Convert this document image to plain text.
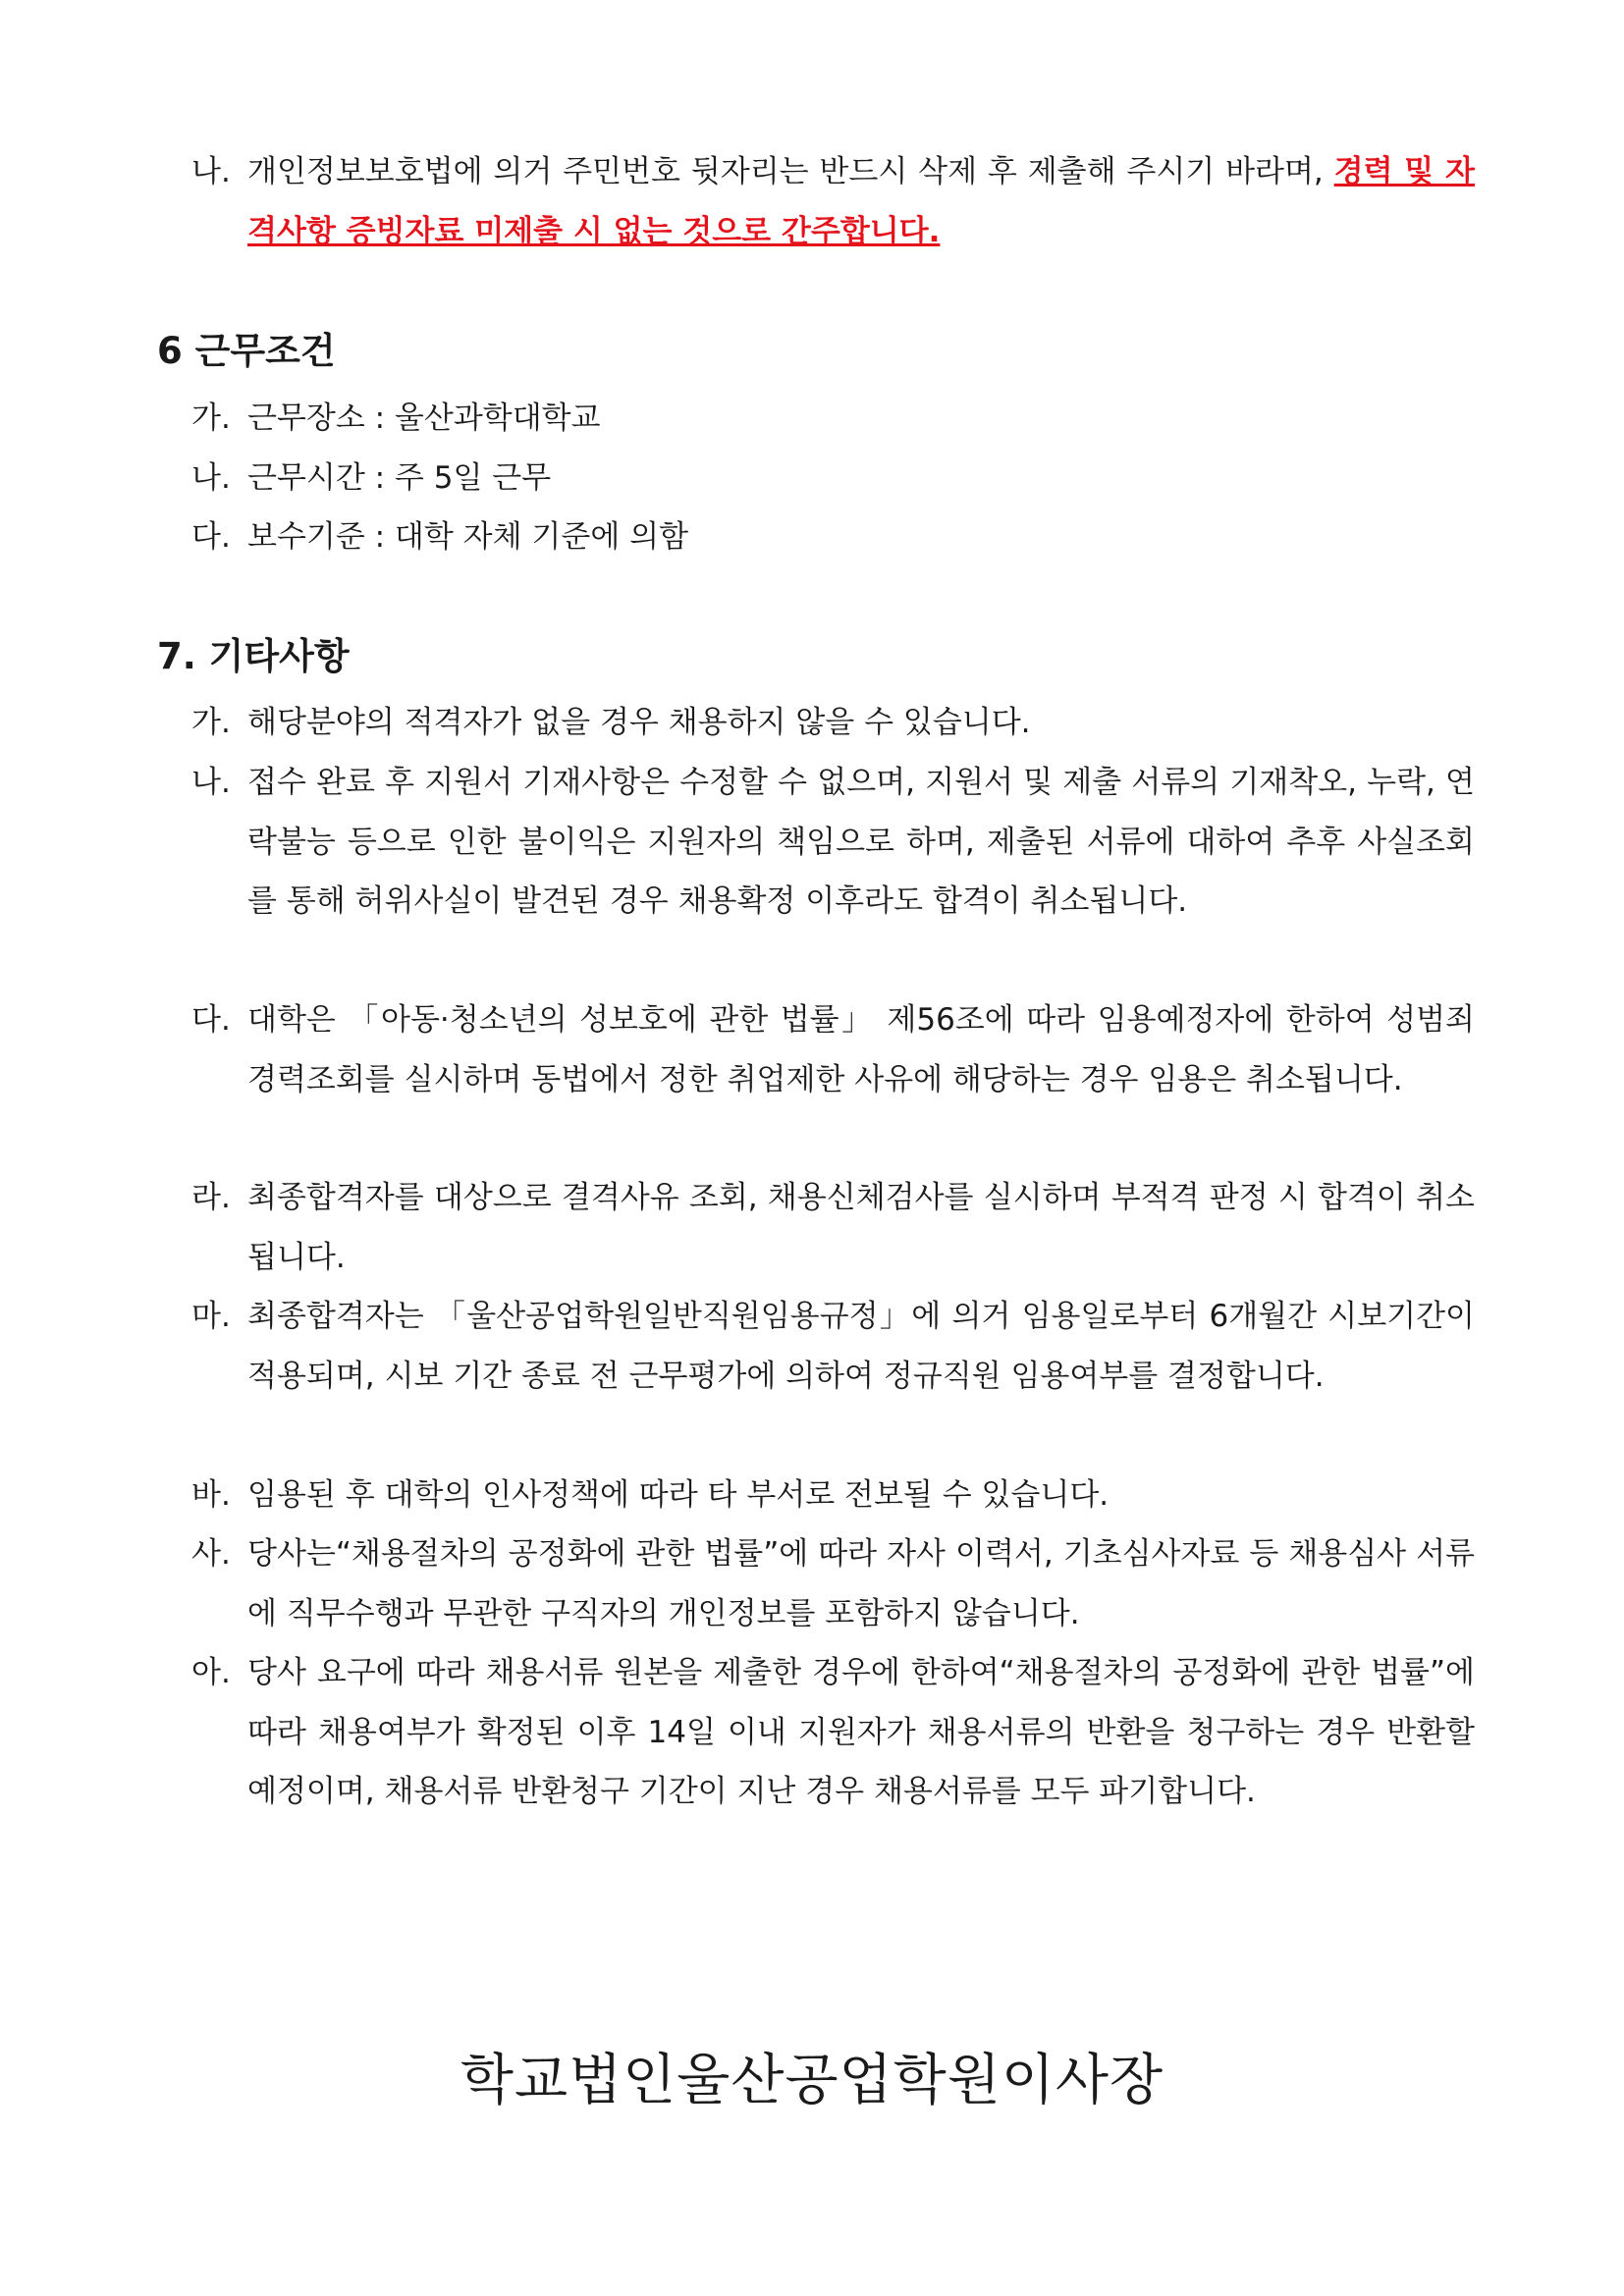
나. 개인정보보호법에 의거 주민번호 뒷자리는 반드시 삭제 후 제출해 주시기 바라며, 경력 및 자격사항 증빙자료 미제출 시 없는 것으로 간주합니다.
6 근무조건
가. 근무장소 : 울산과학대학교
나. 근무시간 : 주 5일 근무
다. 보수기준 : 대학 자체 기준에 의함
7. 기타사항
가. 해당분야의 적격자가 없을 경우 채용하지 않을 수 있습니다.
나. 접수 완료 후 지원서 기재사항은 수정할 수 없으며, 지원서 및 제출 서류의 기재착오, 누락, 연락불능 등으로 인한 불이익은 지원자의 책임으로 하며, 제출된 서류에 대하여 추후 사실조회를 통해 허위사실이 발견된 경우 채용확정 이후라도 합격이 취소됩니다.
다. 대학은 「아동·청소년의 성보호에 관한 법률」 제56조에 따라 임용예정자에 한하여 성범죄 경력조회를 실시하며 동법에서 정한 취업제한 사유에 해당하는 경우 임용은 취소됩니다.
라. 최종합격자를 대상으로 결격사유 조회, 채용신체검사를 실시하며 부적격 판정 시 합격이 취소됩니다.
마. 최종합격자는 「울산공업학원일반직원임용규정」에 의거 임용일로부터 6개월간 시보기간이 적용되며, 시보 기간 종료 전 근무평가에 의하여 정규직원 임용여부를 결정합니다.
바. 임용된 후 대학의 인사정책에 따라 타 부서로 전보될 수 있습니다.
사. 당사는“채용절차의 공정화에 관한 법률”에 따라 자사 이력서, 기초심사자료 등 채용심사 서류에 직무수행과 무관한 구직자의 개인정보를 포함하지 않습니다.
아. 당사 요구에 따라 채용서류 원본을 제출한 경우에 한하여“채용절차의 공정화에 관한 법률”에 따라 채용여부가 확정된 이후 14일 이내 지원자가 채용서류의 반환을 청구하는 경우 반환할 예정이며, 채용서류 반환청구 기간이 지난 경우 채용서류를 모두 파기합니다.
학교법인울산공업학원이사장
